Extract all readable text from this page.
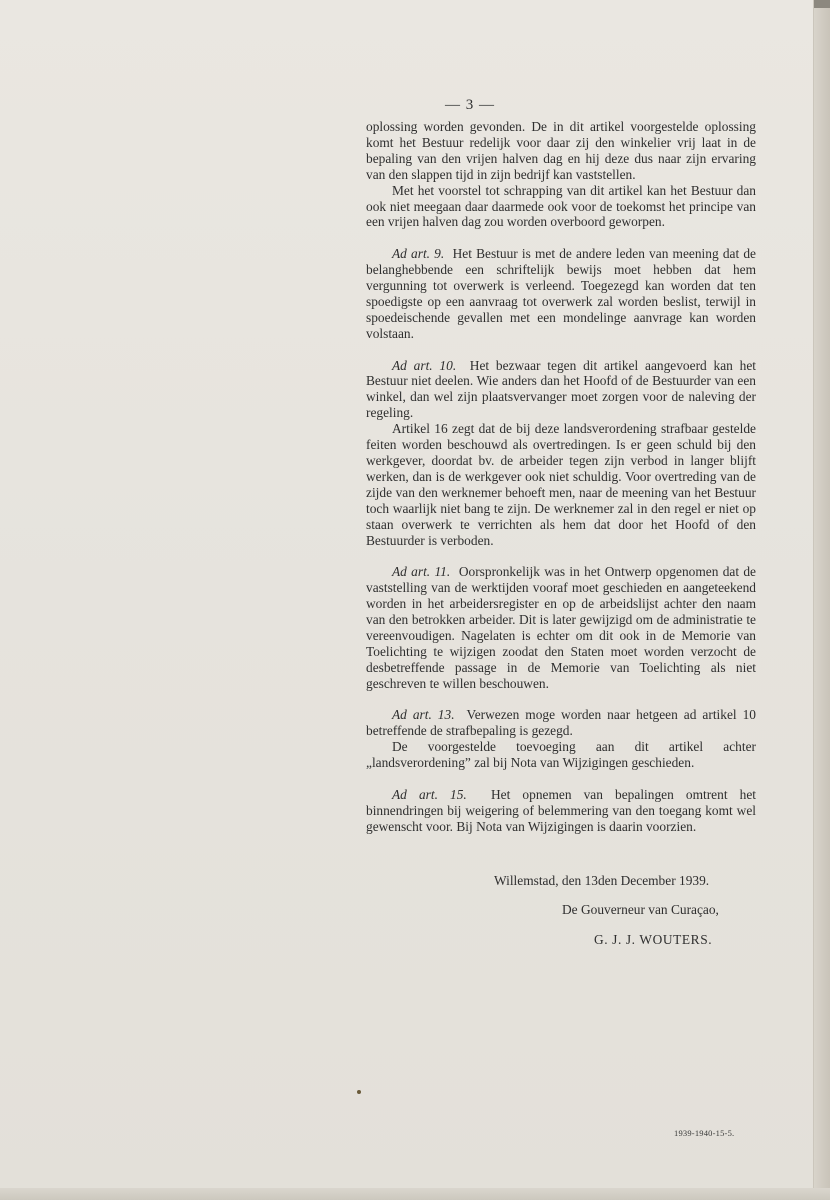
— 3 —

oplossing worden gevonden. De in dit artikel voorgestelde oplossing komt het Bestuur redelijk voor daar zij den winkelier vrij laat in de bepaling van den vrijen halven dag en hij deze dus naar zijn ervaring van den slappen tijd in zijn bedrijf kan vaststellen.

Met het voorstel tot schrapping van dit artikel kan het Bestuur dan ook niet meegaan daar daarmede ook voor de toekomst het principe van een vrijen halven dag zou worden overboord geworpen.

Ad art. 9. Het Bestuur is met de andere leden van meening dat de belanghebbende een schriftelijk bewijs moet hebben dat hem vergunning tot overwerk is verleend. Toegezegd kan worden dat ten spoedigste op een aanvraag tot overwerk zal worden beslist, terwijl in spoedeischende gevallen met een mondelinge aanvrage kan worden volstaan.

Ad art. 10. Het bezwaar tegen dit artikel aangevoerd kan het Bestuur niet deelen. Wie anders dan het Hoofd of de Bestuurder van een winkel, dan wel zijn plaatsvervanger moet zorgen voor de naleving der regeling.

Artikel 16 zegt dat de bij deze landsverordening strafbaar gestelde feiten worden beschouwd als overtredingen. Is er geen schuld bij den werkgever, doordat bv. de arbeider tegen zijn verbod in langer blijft werken, dan is de werkgever ook niet schuldig. Voor overtreding van de zijde van den werknemer behoeft men, naar de meening van het Bestuur toch waarlijk niet bang te zijn. De werknemer zal in den regel er niet op staan overwerk te verrichten als hem dat door het Hoofd of den Bestuurder is verboden.

Ad art. 11. Oorspronkelijk was in het Ontwerp opgenomen dat de vaststelling van de werktijden vooraf moet geschieden en aangeteekend worden in het arbeidersregister en op de arbeidslijst achter den naam van den betrokken arbeider. Dit is later gewijzigd om de administratie te vereenvoudigen. Nagelaten is echter om dit ook in de Memorie van Toelichting te wijzigen zoodat den Staten moet worden verzocht de desbetreffende passage in de Memorie van Toelichting als niet geschreven te willen beschouwen.

Ad art. 13. Verwezen moge worden naar hetgeen ad artikel 10 betreffende de strafbepaling is gezegd.

De voorgestelde toevoeging aan dit artikel achter „landsverordening” zal bij Nota van Wijzigingen geschieden.

Ad art. 15. Het opnemen van bepalingen omtrent het binnendringen bij weigering of belemmering van den toegang komt wel gewenscht voor. Bij Nota van Wijzigingen is daarin voorzien.

Willemstad, den 13den December 1939.
De Gouverneur van Curaçao,
G. J. J. WOUTERS.
1939-1940-15-5.
